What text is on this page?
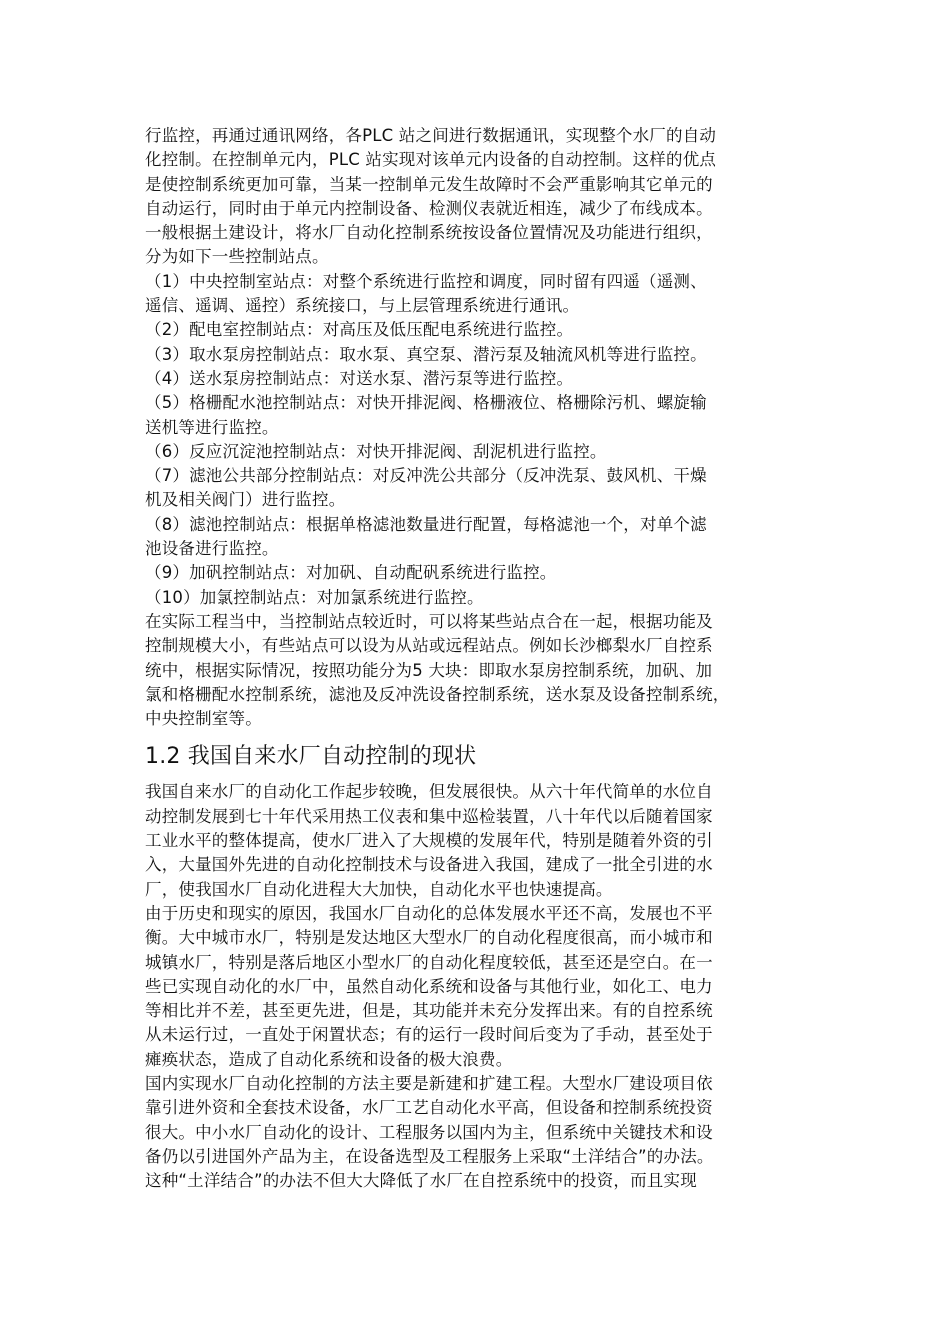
行监控，再通过通讯网络，各PLC 站之间进行数据通讯，实现整个水厂的自动
化控制。在控制单元内，PLC 站实现对该单元内设备的自动控制。这样的优点
是使控制系统更加可靠，当某一控制单元发生故障时不会严重影响其它单元的
自动运行，同时由于单元内控制设备、检测仪表就近相连，减少了布线成本。
一般根据土建设计，将水厂自动化控制系统按设备位置情况及功能进行组织，
分为如下一些控制站点。
（1）中央控制室站点：对整个系统进行监控和调度，同时留有四遥（遥测、
遥信、遥调、遥控）系统接口，与上层管理系统进行通讯。
（2）配电室控制站点：对高压及低压配电系统进行监控。
（3）取水泵房控制站点：取水泵、真空泵、潜污泵及轴流风机等进行监控。
（4）送水泵房控制站点：对送水泵、潜污泵等进行监控。
（5）格栅配水池控制站点：对快开排泥阀、格栅液位、格栅除污机、螺旋输
送机等进行监控。
（6）反应沉淀池控制站点：对快开排泥阀、刮泥机进行监控。
（7）滤池公共部分控制站点：对反冲洗公共部分（反冲洗泵、鼓风机、干燥
机及相关阀门）进行监控。
（8）滤池控制站点：根据单格滤池数量进行配置，每格滤池一个，对单个滤
池设备进行监控。
（9）加矾控制站点：对加矾、自动配矾系统进行监控。
（10）加氯控制站点：对加氯系统进行监控。
在实际工程当中，当控制站点较近时，可以将某些站点合在一起，根据功能及
控制规模大小，有些站点可以设为从站或远程站点。例如长沙榔梨水厂自控系
统中，根据实际情况，按照功能分为5 大块：即取水泵房控制系统，加矾、加
氯和格栅配水控制系统，滤池及反冲洗设备控制系统，送水泵及设备控制系统，
中央控制室等。
1.2 我国自来水厂自动控制的现状
我国自来水厂的自动化工作起步较晚，但发展很快。从六十年代简单的水位自
动控制发展到七十年代采用热工仪表和集中巡检装置，八十年代以后随着国家
工业水平的整体提高，使水厂进入了大规模的发展年代，特别是随着外资的引
入，大量国外先进的自动化控制技术与设备进入我国，建成了一批全引进的水
厂，使我国水厂自动化进程大大加快，自动化水平也快速提高。
由于历史和现实的原因，我国水厂自动化的总体发展水平还不高，发展也不平
衡。大中城市水厂，特别是发达地区大型水厂的自动化程度很高，而小城市和
城镇水厂，特别是落后地区小型水厂的自动化程度较低，甚至还是空白。在一
些已实现自动化的水厂中，虽然自动化系统和设备与其他行业，如化工、电力
等相比并不差，甚至更先进，但是，其功能并未充分发挥出来。有的自控系统
从未运行过，一直处于闲置状态；有的运行一段时间后变为了手动，甚至处于
瘫痪状态，造成了自动化系统和设备的极大浪费。
国内实现水厂自动化控制的方法主要是新建和扩建工程。大型水厂建设项目依
靠引进外资和全套技术设备，水厂工艺自动化水平高，但设备和控制系统投资
很大。中小水厂自动化的设计、工程服务以国内为主，但系统中关键技术和设
备仍以引进国外产品为主，在设备选型及工程服务上采取“土洋结合”的办法。
这种“土洋结合”的办法不但大大降低了水厂在自控系统中的投资，而且实现
